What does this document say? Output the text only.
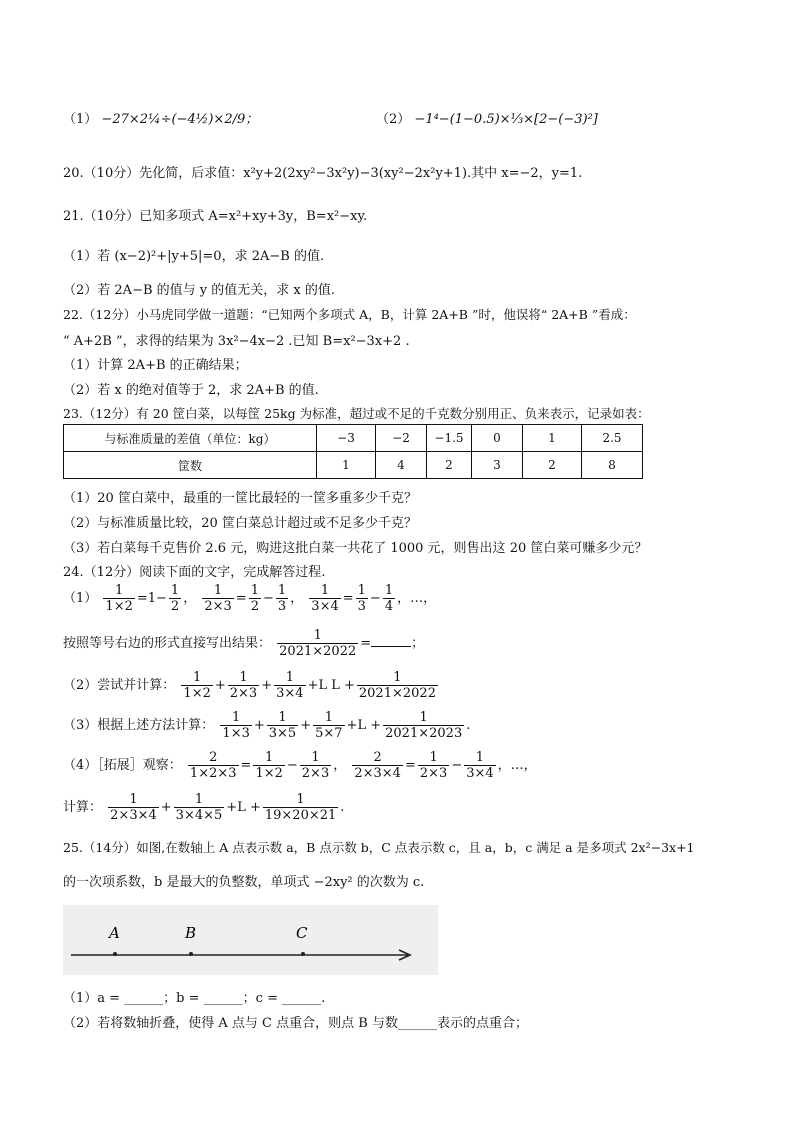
（1） −27×2¼÷(−4½)×2/9；	（2） −1⁴−(1−0.5)×⅓×[2−(−3)²]
20.（10分）先化简，后求值：x²y+2(2xy²−3x²y)−3(xy²−2x²y+1).其中 x=−2，y=1.
21.（10分）已知多项式 A=x²+xy+3y，B=x²−xy.
（1）若 (x−2)²+|y+5|=0，求 2A−B 的值.
（2）若 2A−B 的值与 y 的值无关，求 x 的值.
22.（12分）小马虎同学做一道题：“已知两个多项式 A，B，计算 2A+B ”时，他误将“ 2A+B ”看成：
“ A+2B ”，求得的结果为 3x²−4x−2 .已知 B=x²−3x+2 .
（1）计算 2A+B 的正确结果；
（2）若 x 的绝对值等于 2，求 2A+B 的值.
23.（12分）有 20 筐白菜，以每筐 25kg 为标准，超过或不足的千克数分别用正、负来表示，记录如表：
与标准质量的差值（单位：kg）	−3	−2	−1.5	0	1	2.5
筐数	1	4	2	3	2	8
（1）20 筐白菜中，最重的一筐比最轻的一筐多重多少千克？
（2）与标准质量比较，20 筐白菜总计超过或不足多少千克？
（3）若白菜每千克售价 2.6 元，购进这批白菜一共花了 1000 元，则售出这 20 筐白菜可赚多少元？
24.（12分）阅读下面的文字，完成解答过程.
$(1) \frac{1}{1\times 2} =1- \frac{1}{2}$ ， $\frac{1}{2\times 3} = \frac{1}{2} - \frac{1}{3}$ ， $\frac{1}{3\times 4} = \frac{1}{3} - \frac{1}{4}$ ，…，
按照等号右边的形式直接写出结果： $\frac{1}{2021\times 2022}$ =	；
（2）尝试并计算： $\frac{1}{1\times 2} + \frac{1}{2\times 3} + \frac{1}{3\times 4} +L$ $L + \frac{1}{2021\times 2022}$
（3）根据上述方法计算： $\frac{1}{1\times 3} + \frac{1}{3\times 5} + \frac{1}{5\times 7} +L + \frac{1}{2021\times 2023}$ .
（4）［拓展］观察： $\frac{2}{1\times 2\times 3} = \frac{1}{1\times 2} - \frac{1}{2\times 3}$ ， $\frac{2}{2\times 3\times 4} = \frac{1}{2\times 3} - \frac{1}{3\times 4}$ ，…，
计算： $\frac{1}{2\times 3\times 4} + \frac{1}{3\times 4\times 5} +L + \frac{1}{19\times 20\times 21}$ .
25.（14分）如图,在数轴上 A 点表示数 a，B 点示数 b，C 点表示数 c，且 a，b，c 满足 a 是多项式 2x²−3x+1
的一次项系数，b 是最大的负整数，单项式 −2xy² 的次数为 c.
A	B	C
（1）a = ______；b = ______；c = ______.
（2）若将数轴折叠，使得 A 点与 C 点重合，则点 B 与数______表示的点重合；
